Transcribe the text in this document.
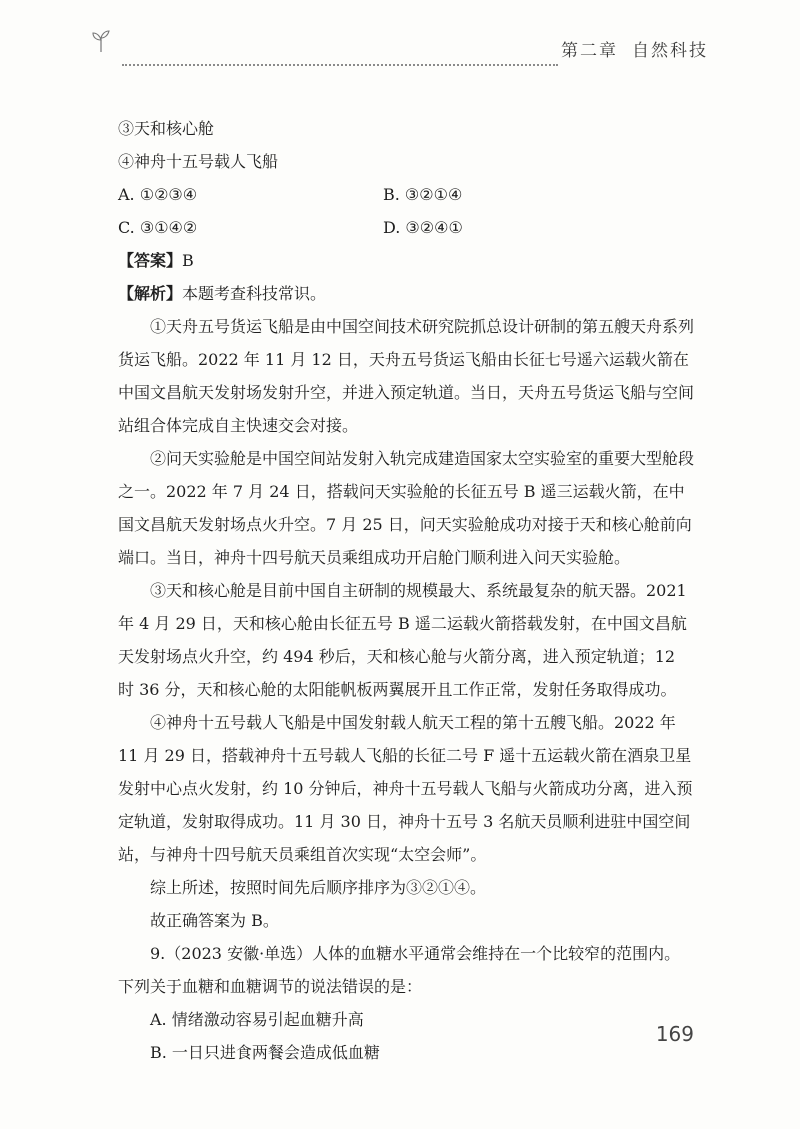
第二章 自然科技

③天和核心舱

④神舟十五号载人飞船

A. ①②③④	B. ③②①④
C. ③①④②	D. ③②④①

【答案】B

【解析】本题考查科技常识。

①天舟五号货运飞船是由中国空间技术研究院抓总设计研制的第五艘天舟系列货运飞船。2022 年 11 月 12 日，天舟五号货运飞船由长征七号遥六运载火箭在中国文昌航天发射场发射升空，并进入预定轨道。当日，天舟五号货运飞船与空间站组合体完成自主快速交会对接。

②问天实验舱是中国空间站发射入轨完成建造国家太空实验室的重要大型舱段之一。2022 年 7 月 24 日，搭载问天实验舱的长征五号 B 遥三运载火箭，在中国文昌航天发射场点火升空。7 月 25 日，问天实验舱成功对接于天和核心舱前向端口。当日，神舟十四号航天员乘组成功开启舱门顺利进入问天实验舱。

③天和核心舱是目前中国自主研制的规模最大、系统最复杂的航天器。2021 年 4 月 29 日，天和核心舱由长征五号 B 遥二运载火箭搭载发射，在中国文昌航天发射场点火升空，约 494 秒后，天和核心舱与火箭分离，进入预定轨道；12 时 36 分，天和核心舱的太阳能帆板两翼展开且工作正常，发射任务取得成功。

④神舟十五号载人飞船是中国发射载人航天工程的第十五艘飞船。2022 年 11 月 29 日，搭载神舟十五号载人飞船的长征二号 F 遥十五运载火箭在酒泉卫星发射中心点火发射，约 10 分钟后，神舟十五号载人飞船与火箭成功分离，进入预定轨道，发射取得成功。11 月 30 日，神舟十五号 3 名航天员顺利进驻中国空间站，与神舟十四号航天员乘组首次实现“太空会师”。

综上所述，按照时间先后顺序排序为③②①④。

故正确答案为 B。

9.（2023 安徽·单选）人体的血糖水平通常会维持在一个比较窄的范围内。下列关于血糖和血糖调节的说法错误的是：

A. 情绪激动容易引起血糖升高

B. 一日只进食两餐会造成低血糖

169
